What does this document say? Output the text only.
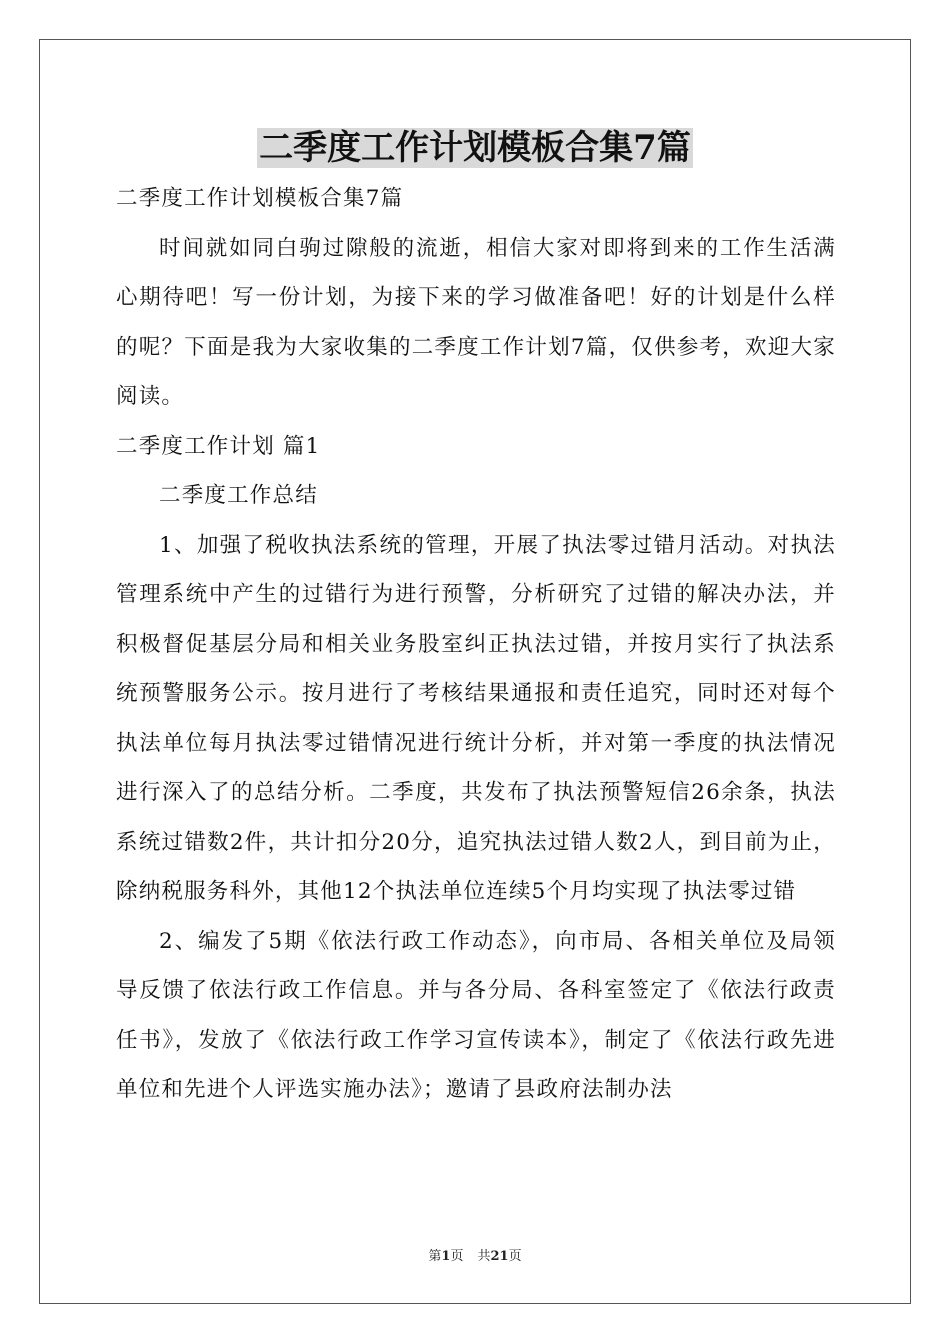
二季度工作计划模板合集7篇

二季度工作计划模板合集7篇

时间就如同白驹过隙般的流逝，相信大家对即将到来的工作生活满心期待吧！写一份计划，为接下来的学习做准备吧！好的计划是什么样的呢？下面是我为大家收集的二季度工作计划7篇，仅供参考，欢迎大家阅读。

二季度工作计划 篇1

二季度工作总结

1、加强了税收执法系统的管理，开展了执法零过错月活动。对执法管理系统中产生的过错行为进行预警，分析研究了过错的解决办法，并积极督促基层分局和相关业务股室纠正执法过错，并按月实行了执法系统预警服务公示。按月进行了考核结果通报和责任追究，同时还对每个执法单位每月执法零过错情况进行统计分析，并对第一季度的执法情况进行深入了的总结分析。二季度，共发布了执法预警短信26余条，执法系统过错数2件，共计扣分20分，追究执法过错人数2人，到目前为止，除纳税服务科外，其他12个执法单位连续5个月均实现了执法零过错

2、编发了5期《依法行政工作动态》，向市局、各相关单位及局领导反馈了依法行政工作信息。并与各分局、各科室签定了《依法行政责任书》，发放了《依法行政工作学习宣传读本》，制定了《依法行政先进单位和先进个人评选实施办法》；邀请了县政府法制办法

第1页 共21页
